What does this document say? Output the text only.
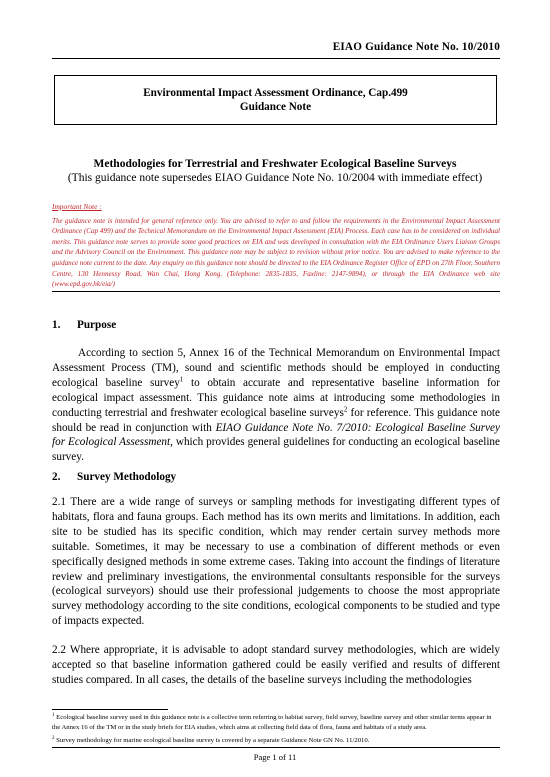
EIAO Guidance Note No. 10/2010
Environmental Impact Assessment Ordinance, Cap.499
Guidance Note
Methodologies for Terrestrial and Freshwater Ecological Baseline Surveys
(This guidance note supersedes EIAO Guidance Note No. 10/2004 with immediate effect)
Important Note :
The guidance note is intended for general reference only. You are advised to refer to and follow the requirements in the Environmental Impact Assessment Ordinance (Cap 499) and the Technical Memorandum on the Environmental Impact Assessment (EIA) Process. Each case has to be considered on individual merits. This guidance note serves to provide some good practices on EIA and was developed in consultation with the EIA Ordinance Users Liaison Groups and the Advisory Council on the Environment. This guidance note may be subject to revision without prior notice. You are advised to make reference to the guidance note current to the date. Any enquiry on this guidance note should be directed to the EIA Ordinance Register Office of EPD on 27th Floor, Southern Centre, 130 Hennessy Road, Wan Chai, Hong Kong. (Telephone: 2835-1835, Faxline: 2147-9894), or through the EIA Ordinance web site (www.epd.gov.hk/eia/)
1. Purpose
According to section 5, Annex 16 of the Technical Memorandum on Environmental Impact Assessment Process (TM), sound and scientific methods should be employed in conducting ecological baseline survey$^1$ to obtain accurate and representative baseline information for ecological impact assessment. This guidance note aims at introducing some methodologies in conducting terrestrial and freshwater ecological baseline surveys$^2$ for reference. This guidance note should be read in conjunction with EIAO Guidance Note No. 7/2010: Ecological Baseline Survey for Ecological Assessment, which provides general guidelines for conducting an ecological baseline survey.
2. Survey Methodology
2.1 There are a wide range of surveys or sampling methods for investigating different types of habitats, flora and fauna groups. Each method has its own merits and limitations. In addition, each site to be studied has its specific condition, which may render certain survey methods more suitable. Sometimes, it may be necessary to use a combination of different methods or even specifically designed methods in some extreme cases. Taking into account the findings of literature review and preliminary investigations, the environmental consultants responsible for the surveys (ecological surveyors) should use their professional judgements to choose the most appropriate survey methodology according to the site conditions, ecological components to be studied and type of impacts expected.
2.2 Where appropriate, it is advisable to adopt standard survey methodologies, which are widely accepted so that baseline information gathered could be easily verified and results of different studies compared. In all cases, the details of the baseline surveys including the methodologies
$^1$ Ecological baseline survey used in this guidance note is a collective term referring to habitat survey, field survey, baseline survey and other similar terms appear in the Annex 16 of the TM or in the study briefs for EIA studies, which aims at collecting field data of flora, fauna and habitats of a study area.
$^2$ Survey methodology for marine ecological baseline survey is covered by a separate Guidance Note GN No. 11/2010.
Page 1 of 11
